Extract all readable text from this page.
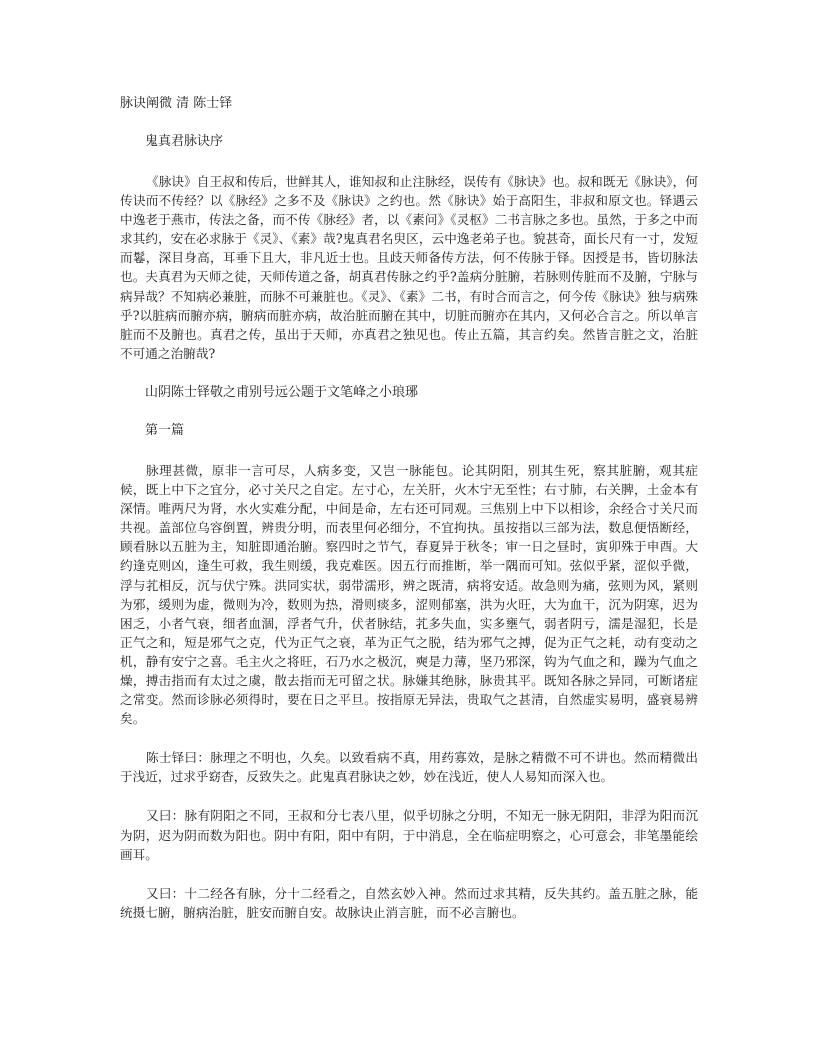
脉诀阐微 清 陈士铎
鬼真君脉诀序

《脉诀》自王叔和传后，世鲜其人，谁知叔和止注脉经，误传有《脉诀》也。叔和既无《脉诀》，何传诀而不传经？以《脉经》之多不及《脉诀》之约也。然《脉诀》始于高阳生，非叔和原文也。铎遇云中逸老于燕市，传法之备，而不传《脉经》者，以《素问》《灵枢》二书言脉之多也。虽然，于多之中而求其约，安在必求脉于《灵》、《素》哉?鬼真君名臾区，云中逸老弟子也。貌甚奇，面长尺有一寸，发短而鬈，深目身高，耳垂下且大，非凡近士也。且歧天师备传方法，何不传脉于铎。因授是书，皆切脉法也。夫真君为天师之徒，天师传道之备，胡真君传脉之约乎?盖病分脏腑，若脉则传脏而不及腑，宁脉与病异哉？不知病必兼脏，而脉不可兼脏也。《灵》、《素》二书，有时合而言之，何今传《脉诀》独与病殊乎?以脏病而腑亦病，腑病而脏亦病，故治脏而腑在其中，切脏而腑亦在其内，又何必合言之。所以单言脏而不及腑也。真君之传，虽出于天师，亦真君之独见也。传止五篇，其言约矣。然皆言脏之文，治脏不可通之治腑哉?

山阴陈士铎敬之甫别号远公题于文笔峰之小琅琊
第一篇

脉理甚微，原非一言可尽，人病多变，又岂一脉能包。论其阴阳，别其生死，察其脏腑，观其症候，既上中下之宜分，必寸关尺之自定。左寸心，左关肝，火木宁无至性；右寸肺，右关脾，土金本有深情。唯两尺为肾，水火实难分配，中间是命，左右还可同观。三焦别上中下以相诊，余经合寸关尺而共视。盖部位乌容倒置，辨贵分明，而表里何必细分，不宜拘执。虽按指以三部为法，数息便悟断经，顾看脉以五脏为主，知脏即通治腑。察四时之节气，春夏异于秋冬；审一日之昼时，寅卯殊于申酉。大约逢克则凶，逢生可救，我生则缓，我克难医。因五行而推断，举一隅而可知。弦似乎紧，涩似乎微，浮与芤相反，沉与伏宁殊。洪同实状，弱带濡形，辨之既清，病将安适。故急则为痛，弦则为风，紧则为邪，缓则为虚，微则为冷，数则为热，滑则痰多，涩则郁塞，洪为火旺，大为血干，沉为阴寒，迟为困乏，小者气衰，细者血涸，浮者气升，伏者脉结，芤多失血，实多壅气，弱者阴亏，濡是湿犯，长是正气之和，短是邪气之克，代为正气之衰，革为正气之脱，结为邪气之搏，促为正气之耗，动有变动之机，静有安宁之喜。毛主火之将旺，石乃水之极沉，奭是力薄，坚乃邪深，钩为气血之和，躁为气血之燥，搏击指而有太过之虞，散去指而无可留之状。脉嫌其绝脉，脉贵其平。既知各脉之异同，可断诸症之常变。然而诊脉必须得时，要在日之平旦。按指原无异法，贵取气之甚清，自然虚实易明，盛衰易辨矣。

陈士铎曰：脉理之不明也，久矣。以致看病不真，用药寡效，是脉之精微不可不讲也。然而精微出于浅近，过求乎窈杳，反致失之。此鬼真君脉诀之妙，妙在浅近，使人人易知而深入也。

又曰：脉有阴阳之不同，王叔和分七表八里，似乎切脉之分明，不知无一脉无阴阳，非浮为阳而沉为阴，迟为阴而数为阳也。阴中有阳，阳中有阴，于中消息，全在临症明察之，心可意会，非笔墨能绘画耳。

又曰：十二经各有脉，分十二经看之，自然玄妙入神。然而过求其精，反失其约。盖五脏之脉，能统摄七腑，腑病治脏，脏安而腑自安。故脉诀止消言脏，而不必言腑也。
